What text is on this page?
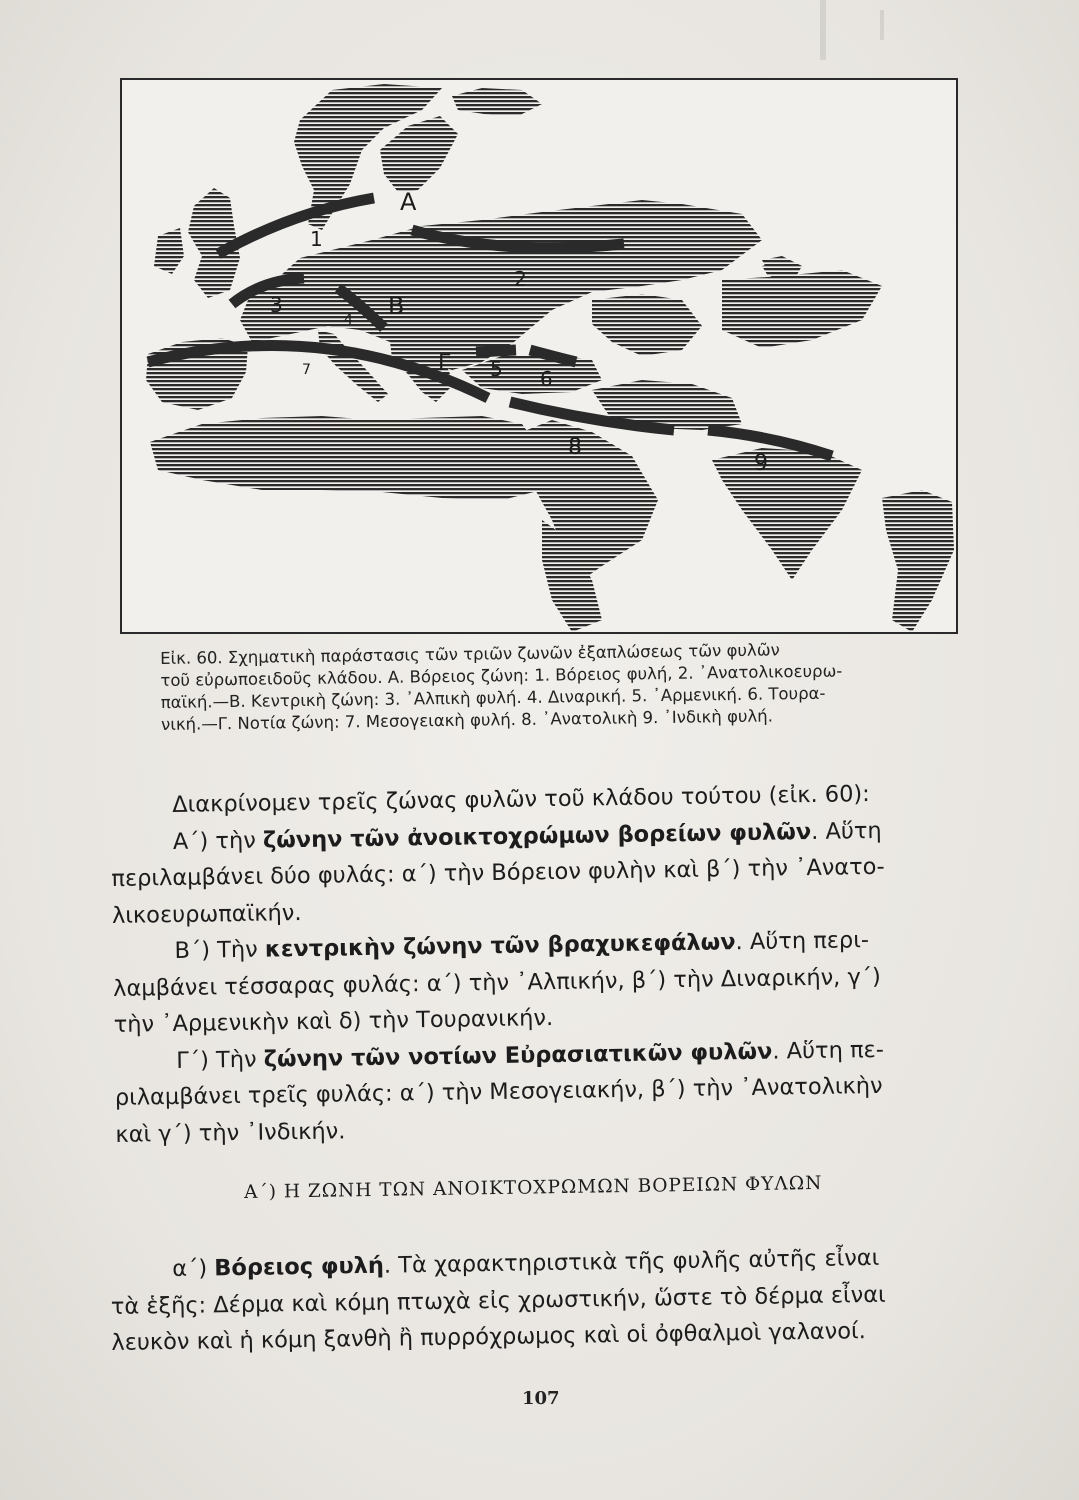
Α
Β
Γ
1
2
3
4
5 6
7
8
9

Εἰκ. 60. Σχηματικὴ παράστασις τῶν τριῶν ζωνῶν ἐξαπλώσεως τῶν φυλῶν

τοῦ εὐρωποειδοῦς κλάδου. Α. Βόρειος ζώνη: 1. Βόρειος φυλή, 2. ᾿Ανατολικοευρω-

παϊκή.—Β. Κεντρικὴ ζώνη: 3. ᾿Αλπικὴ φυλή. 4. Διναρική. 5. ᾿Αρμενική. 6. Τουρα-

νική.—Γ. Νοτία ζώνη: 7. Μεσογειακὴ φυλή. 8. ᾿Ανατολικὴ 9. ᾿Ινδικὴ φυλή.

Διακρίνομεν τρεῖς ζώνας φυλῶν τοῦ κλάδου τούτου (εἰκ. 60):

Α΄) τὴν ζώνην τῶν ἀνοικτοχρώμων βορείων φυλῶν. Αὕτη

περιλαμβάνει δύο φυλάς: α΄) τὴν Βόρειον φυλὴν καὶ β΄) τὴν ᾿Ανατο-

λικοευρωπαϊκήν.

Β΄) Τὴν κεντρικὴν ζώνην τῶν βραχυκεφάλων. Αὕτη περι-

λαμβάνει τέσσαρας φυλάς: α΄) τὴν ᾿Αλπικήν, β΄) τὴν Διναρικήν, γ΄)

τὴν ᾿Αρμενικὴν καὶ δ) τὴν Τουρανικήν.

Γ΄) Τὴν ζώνην τῶν νοτίων Εὐρασιατικῶν φυλῶν. Αὕτη πε-

ριλαμβάνει τρεῖς φυλάς: α΄) τὴν Μεσογειακήν, β΄) τὴν ᾿Ανατολικὴν

καὶ γ΄) τὴν ᾿Ινδικήν.

Α΄) Η ΖΩΝΗ ΤΩΝ ΑΝΟΙΚΤΟΧΡΩΜΩΝ ΒΟΡΕΙΩΝ ΦΥΛΩΝ

α΄) Βόρειος φυλή. Τὰ χαρακτηριστικὰ τῆς φυλῆς αὐτῆς εἶναι

τὰ ἑξῆς: Δέρμα καὶ κόμη πτωχὰ εἰς χρωστικήν, ὥστε τὸ δέρμα εἶναι

λευκὸν καὶ ἡ κόμη ξανθὴ ἢ πυρρόχρωμος καὶ οἱ ὀφθαλμοὶ γαλανοί.

107
